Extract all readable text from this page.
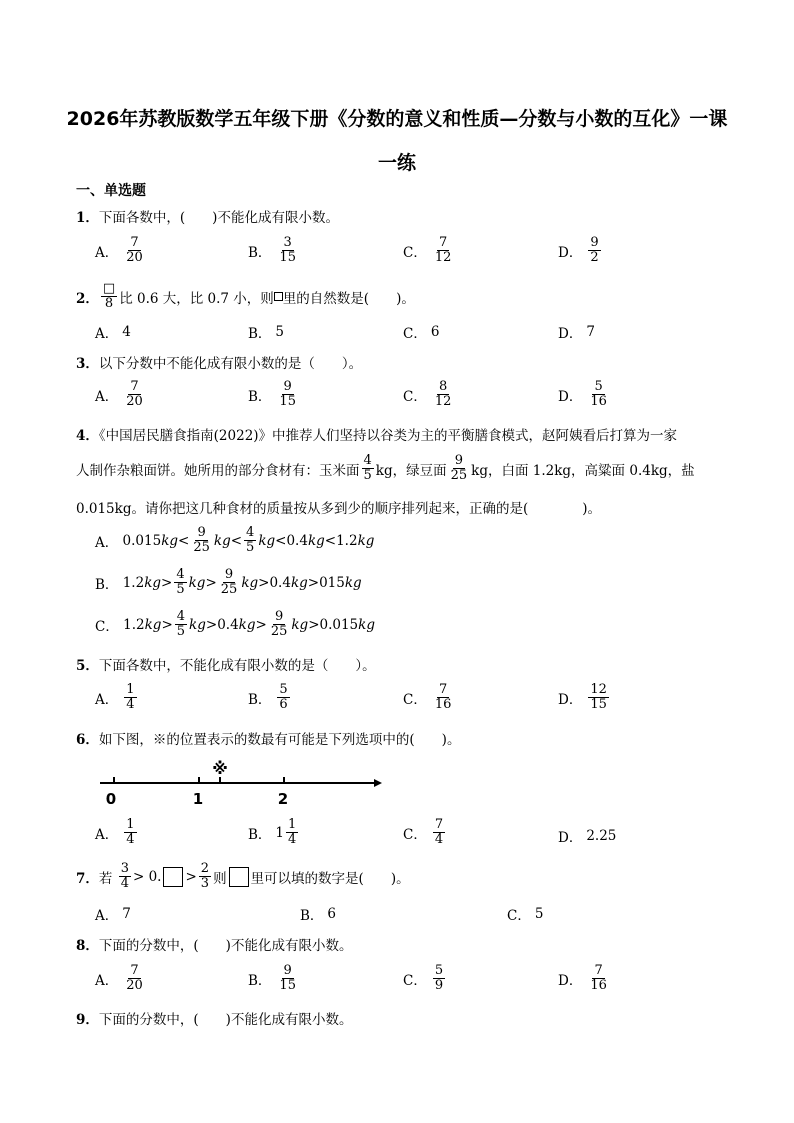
2026年苏教版数学五年级下册《分数的意义和性质—分数与小数的互化》一课
一练
一、单选题
1．下面各数中，(　　)不能化成有限小数。
A． $\frac{7}{20}$	B． $\frac{3}{15}$	C． $\frac{7}{12}$	D． $\frac{9}{2}$
2． $\frac{□}{8}$ 比 0.6 大，比 0.7 小，则 里的自然数是(　　)。
A． 4	B． 5	C． 6	D． 7
3．以下分数中不能化成有限小数的是（　　）。
A． $\frac{7}{20}$	B． $\frac{9}{15}$	C． $\frac{8}{12}$	D． $\frac{5}{16}$
4．《中国居民膳食指南(2022)》中推荐人们坚持以谷类为主的平衡膳食模式，赵阿姨看后打算为一家
人制作杂粮面饼。她所用的部分食材有：玉米面 $\frac{4}{5}$ kg，绿豆面 $\frac{9}{25}$ kg，白面 1.2kg，高粱面 0.4kg，盐
0.015kg。请你把这几种食材的质量按从多到少的顺序排列起来，正确的是(　　　　)。
A．
0.015 kg < $\frac{9}{25}$ kg < $\frac{4}{5}$ kg < 0.4 kg < 1.2 kg
B．
1.2 kg > $\frac{4}{5}$ kg > $\frac{9}{25}$ kg > 0.4 kg > 015 kg
C．
1.2 kg > $\frac{4}{5}$ kg > 0.4 kg > $\frac{9}{25}$ kg > 0.015 kg
5．下面各数中，不能化成有限小数的是（　　）。
A． $\frac{1}{4}$	B． $\frac{5}{6}$	C． $\frac{7}{16}$	D． $\frac{12}{15}$
6．如下图，※的位置表示的数最有可能是下列选项中的(　　)。
※
0	1	2
A． $\frac{1}{4}$	B． $1 \frac{1}{4}$	C． $\frac{7}{4}$	D． 2.25
7． 若
$\frac{3}{4} > 0$. > $\frac{2}{3}$ 则 里可以填的数字是(　　)。
A． 7	B． 6	C． 5
8．下面的分数中，(　　)不能化成有限小数。
A． $\frac{7}{20}$	B． $\frac{9}{15}$	C． $\frac{5}{9}$	D． $\frac{7}{16}$
9．下面的分数中，(　　)不能化成有限小数。
